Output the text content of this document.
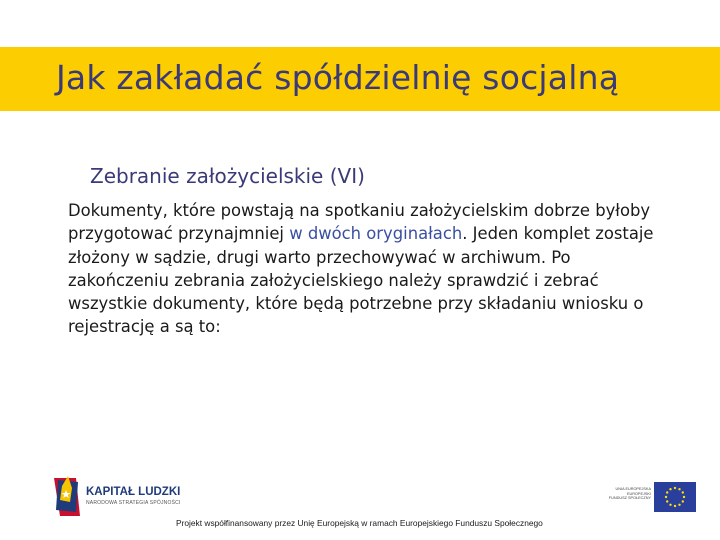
Jak zakładać spółdzielnię socjalną
Zebranie założycielskie (VI)
Dokumenty, które powstają na spotkaniu założycielskim dobrze byłoby przygotować przynajmniej w dwóch oryginałach. Jeden komplet zostaje złożony w sądzie, drugi warto przechowywać w archiwum. Po zakończeniu zebrania założycielskiego należy sprawdzić i zebrać wszystkie dokumenty, które będą potrzebne przy składaniu wniosku o rejestrację a są to:
KAPITAŁ LUDZKI
NARODOWA STRATEGIA SPÓJNOŚCI
UNIA EUROPEJSKA
EUROPEJSKI
FUNDUSZ SPOŁECZNY
Projekt współfinansowany przez Unię Europejską w ramach Europejskiego Funduszu Społecznego
